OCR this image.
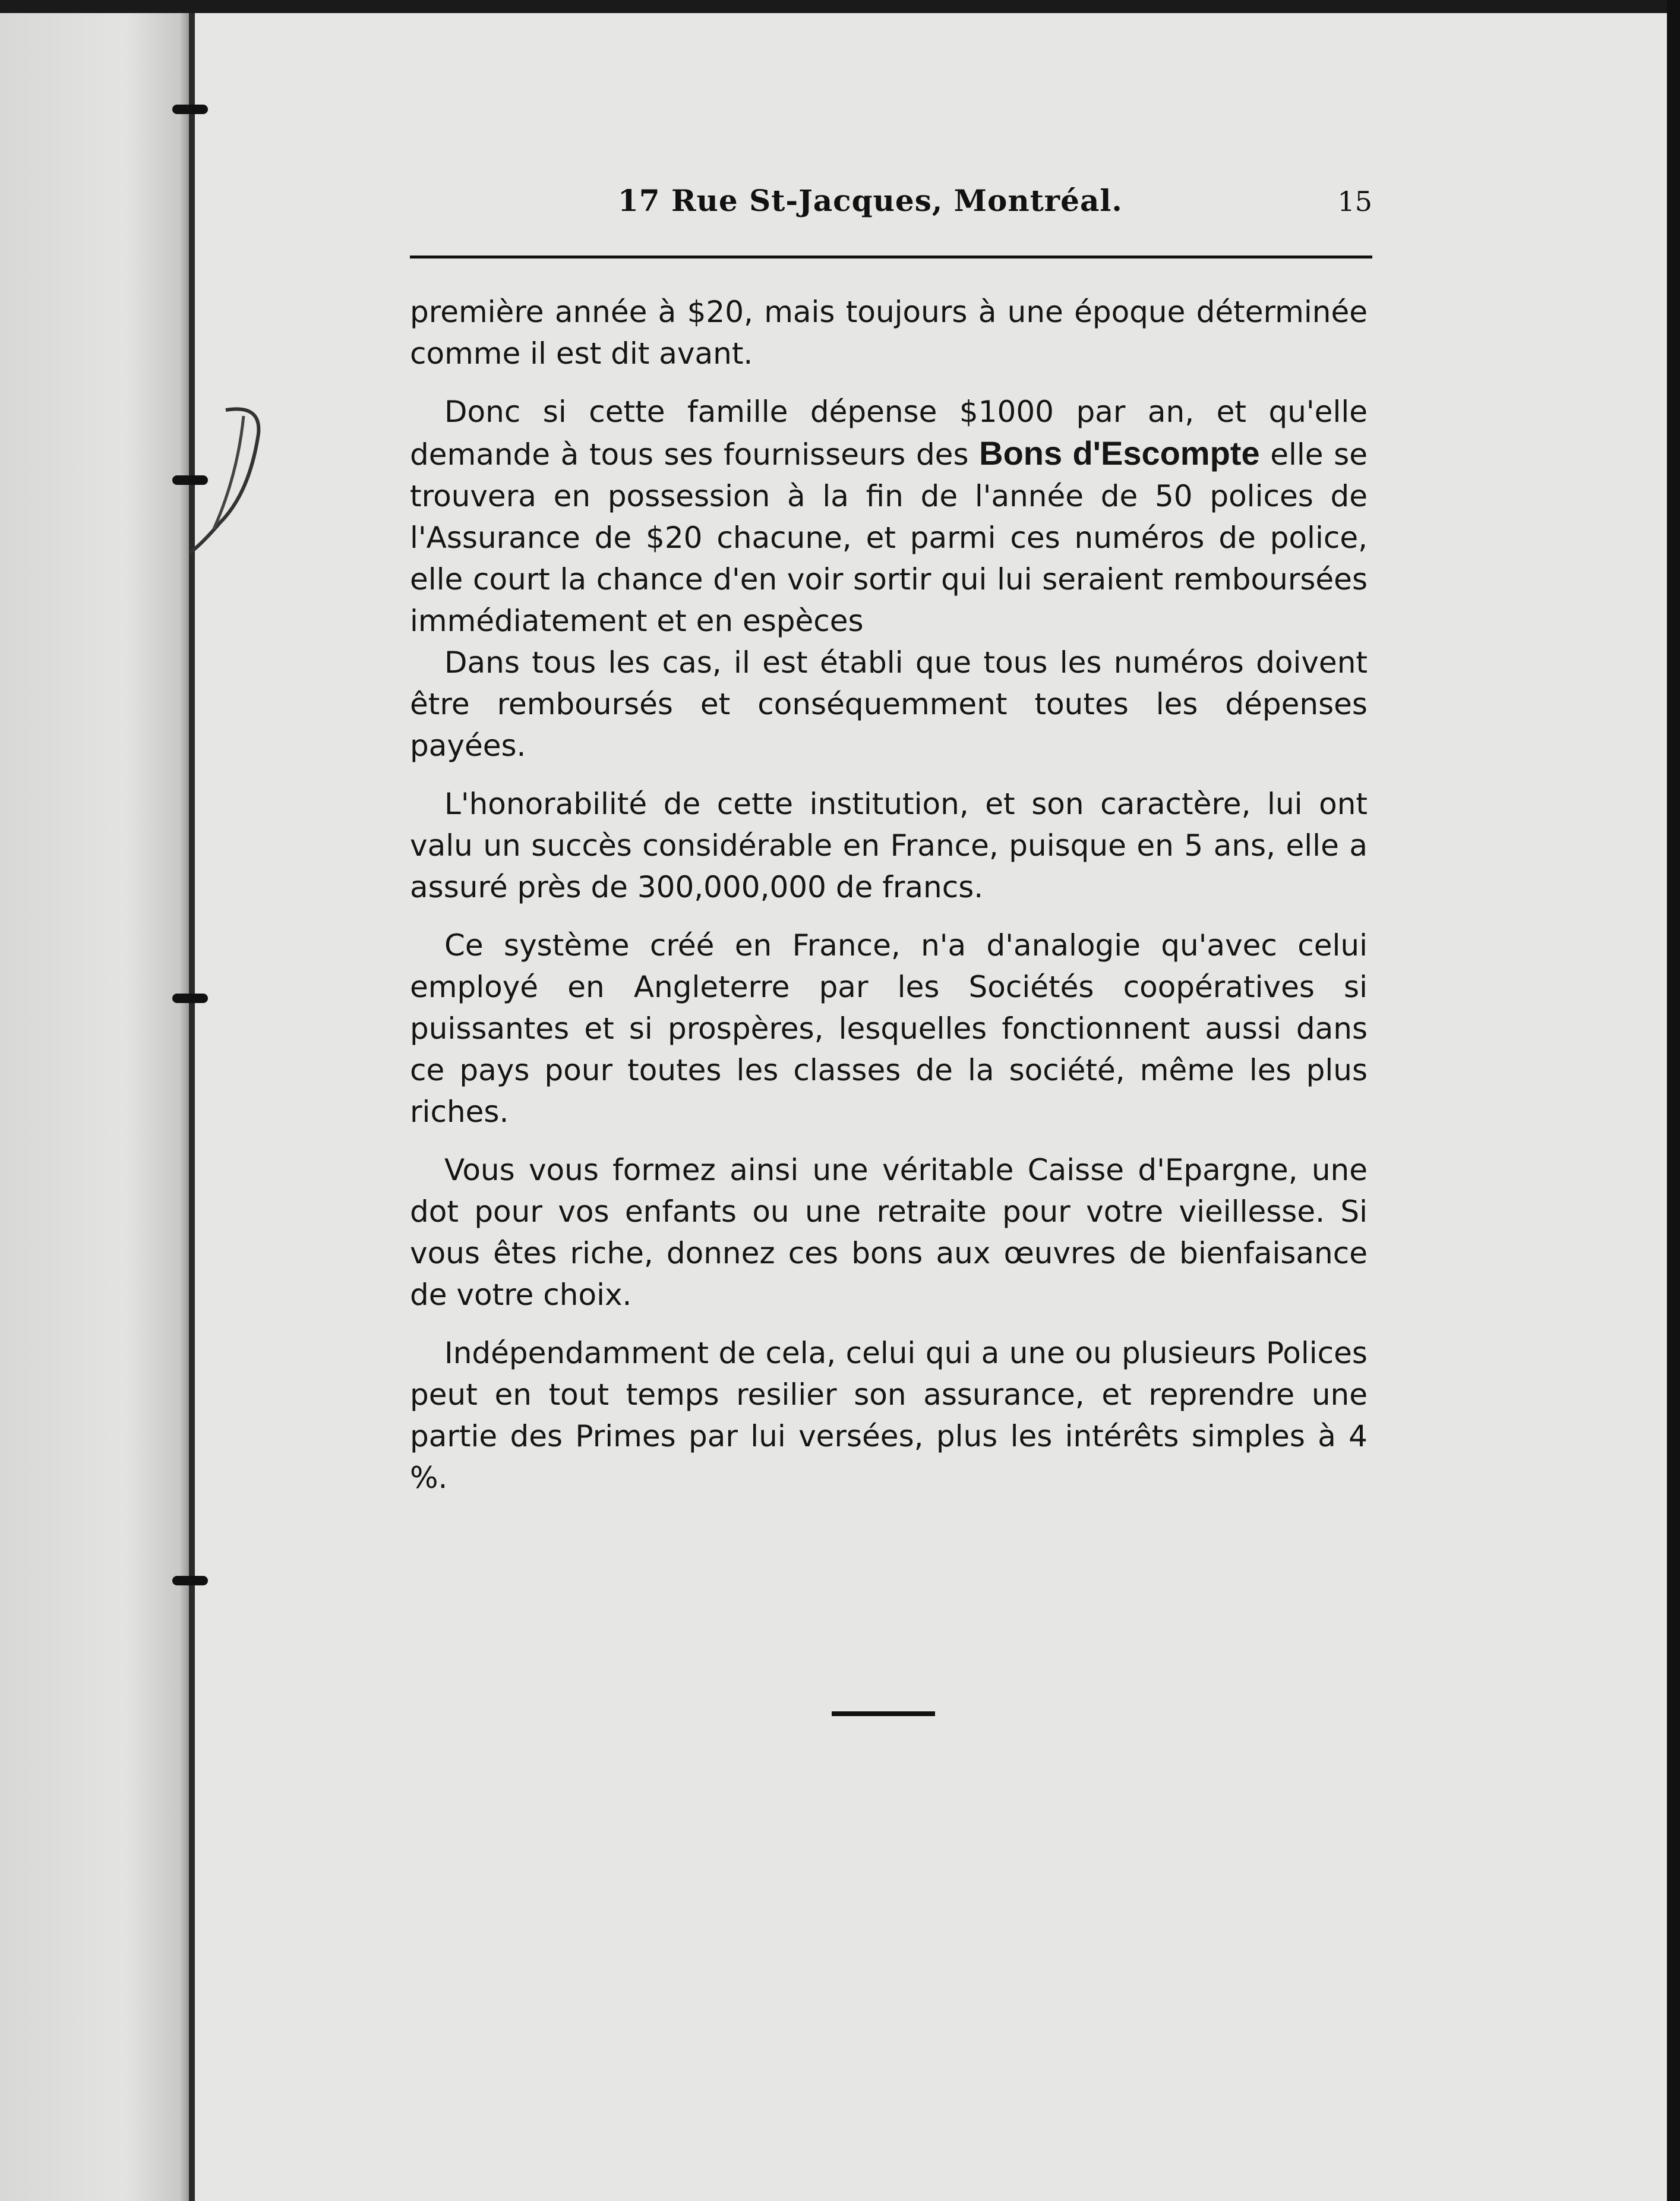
17 Rue St-Jacques, Montréal.	15

première année à $20, mais toujours à une époque déterminée comme il est dit avant.

Donc si cette famille dépense $1000 par an, et qu'elle demande à tous ses fournisseurs des Bons d'Escompte elle se trouvera en possession à la fin de l'année de 50 polices de l'Assurance de $20 chacune, et parmi ces numéros de police, elle court la chance d'en voir sortir qui lui seraient remboursées immédiatement et en espèces

Dans tous les cas, il est établi que tous les numéros doivent être remboursés et conséquemment toutes les dépenses payées.

L'honorabilité de cette institution, et son caractère, lui ont valu un succès considérable en France, puisque en 5 ans, elle a assuré près de 300,000,000 de francs.

Ce système créé en France, n'a d'analogie qu'avec celui employé en Angleterre par les Sociétés coopératives si puissantes et si prospères, lesquelles fonctionnent aussi dans ce pays pour toutes les classes de la société, même les plus riches.

Vous vous formez ainsi une véritable Caisse d'Epargne, une dot pour vos enfants ou une retraite pour votre vieillesse. Si vous êtes riche, donnez ces bons aux œuvres de bienfaisance de votre choix.

Indépendamment de cela, celui qui a une ou plusieurs Polices peut en tout temps resilier son assurance, et reprendre une partie des Primes par lui versées, plus les intérêts simples à 4 %.
